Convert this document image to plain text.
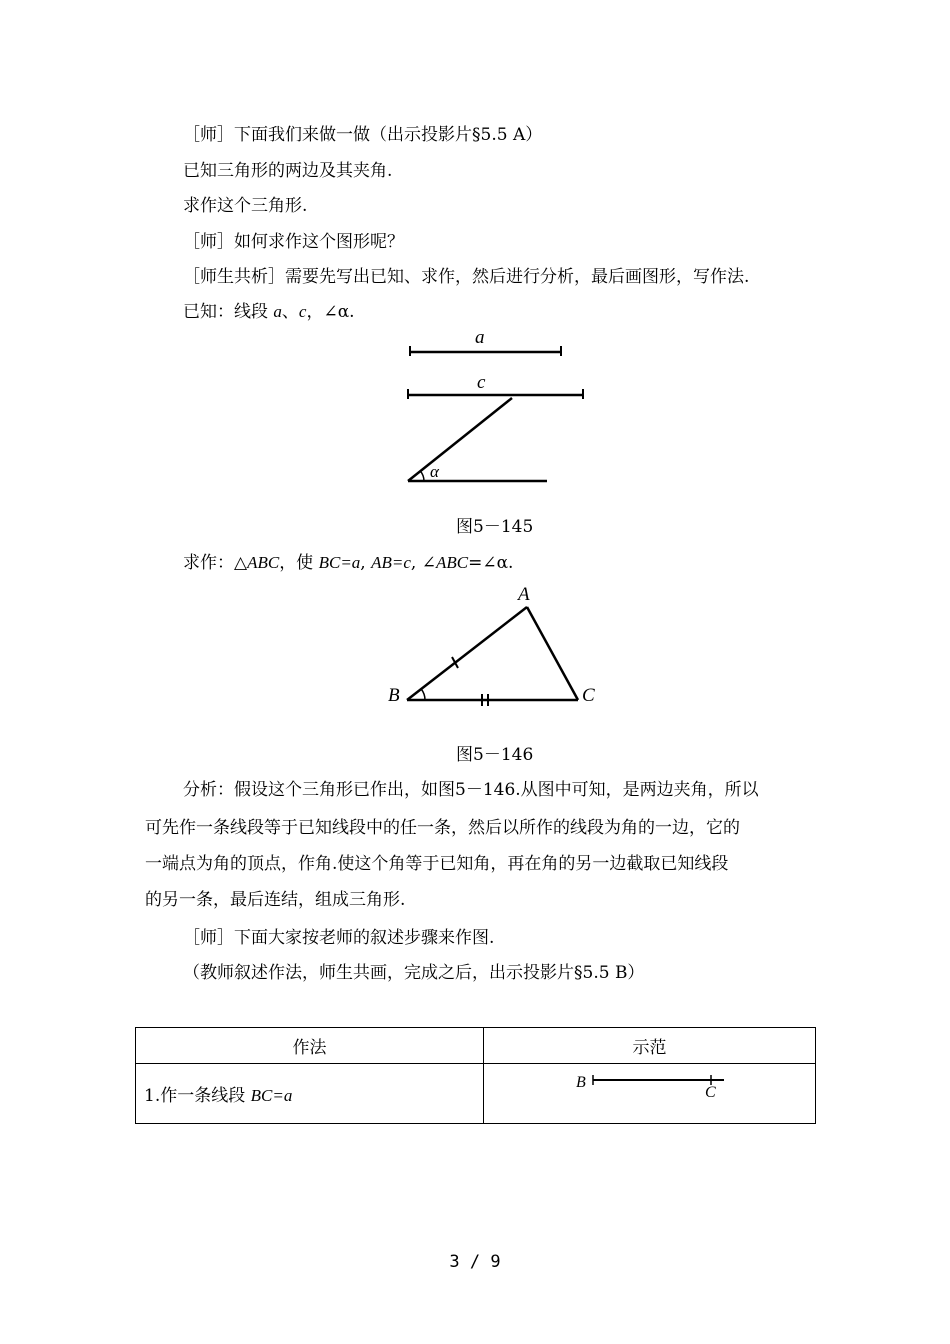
［师］下面我们来做一做（出示投影片§5.5 A）
已知三角形的两边及其夹角.
求作这个三角形.
［师］如何求作这个图形呢？
［师生共析］需要先写出已知、求作，然后进行分析，最后画图形，写作法.
已知：线段 a、c，∠α.
a
c
α
图5－145
求作：△ABC，使 BC=a, AB=c, ∠ABC=∠α.
A
B	C
图5－146
分析：假设这个三角形已作出，如图5－146.从图中可知，是两边夹角，所以
可先作一条线段等于已知线段中的任一条，然后以所作的线段为角的一边，它的
一端点为角的顶点，作角.使这个角等于已知角，再在角的另一边截取已知线段
的另一条，最后连结，组成三角形.
［师］下面大家按老师的叙述步骤来作图.
（教师叙述作法，师生共画，完成之后，出示投影片§5.5 B）
作法	示范
1.作一条线段 BC=a	B
C
3 / 9
